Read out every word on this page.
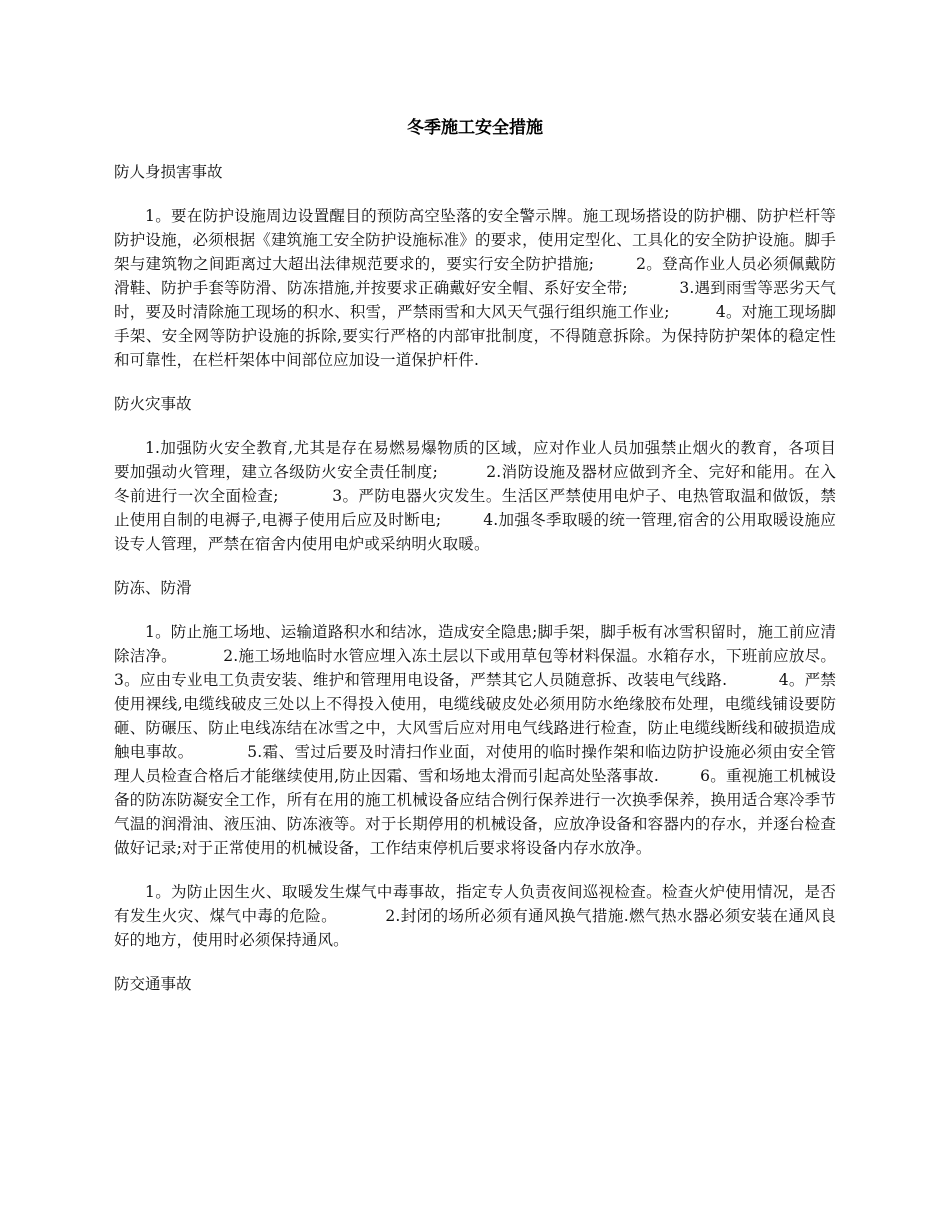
冬季施工安全措施

防人身损害事故

1。要在防护设施周边设置醒目的预防高空坠落的安全警示牌。施工现场搭设的防护棚、防护栏杆等防护设施，必须根据《建筑施工安全防护设施标准》的要求，使用定型化、工具化的安全防护设施。脚手架与建筑物之间距离过大超出法律规范要求的，要实行安全防护措施;        2。登高作业人员必须佩戴防滑鞋、防护手套等防滑、防冻措施,并按要求正确戴好安全帽、系好安全带;          3.遇到雨雪等恶劣天气时，要及时清除施工现场的积水、积雪，严禁雨雪和大风天气强行组织施工作业;         4。对施工现场脚手架、安全网等防护设施的拆除,要实行严格的内部审批制度，不得随意拆除。为保持防护架体的稳定性和可靠性，在栏杆架体中间部位应加设一道保护杆件.

防火灾事故

1.加强防火安全教育,尤其是存在易燃易爆物质的区域，应对作业人员加强禁止烟火的教育，各项目要加强动火管理，建立各级防火安全责任制度;         2.消防设施及器材应做到齐全、完好和能用。在入冬前进行一次全面检查;          3。严防电器火灾发生。生活区严禁使用电炉子、电热管取温和做饭，禁止使用自制的电褥子,电褥子使用后应及时断电;        4.加强冬季取暖的统一管理,宿舍的公用取暖设施应设专人管理，严禁在宿舍内使用电炉或采纳明火取暖。

防冻、防滑

1。防止施工场地、运输道路积水和结冰，造成安全隐患;脚手架，脚手板有冰雪积留时，施工前应清除洁净。         2.施工场地临时水管应埋入冻土层以下或用草包等材料保温。水箱存水，下班前应放尽。          3。应由专业电工负责安装、维护和管理用电设备，严禁其它人员随意拆、改装电气线路.          4。严禁使用裸线,电缆线破皮三处以上不得投入使用，电缆线破皮处必须用防水绝缘胶布处理，电缆线铺设要防砸、防碾压、防止电线冻结在冰雪之中，大风雪后应对用电气线路进行检查，防止电缆线断线和破损造成触电事故。          5.霜、雪过后要及时清扫作业面，对使用的临时操作架和临边防护设施必须由安全管理人员检查合格后才能继续使用,防止因霜、雪和场地太滑而引起高处坠落事故.        6。重视施工机械设备的防冻防凝安全工作，所有在用的施工机械设备应结合例行保养进行一次换季保养，换用适合寒冷季节气温的润滑油、液压油、防冻液等。对于长期停用的机械设备，应放净设备和容器内的存水，并逐台检查做好记录;对于正常使用的机械设备，工作结束停机后要求将设备内存水放净。

1。为防止因生火、取暖发生煤气中毒事故，指定专人负责夜间巡视检查。检查火炉使用情况，是否有发生火灾、煤气中毒的危险。         2.封闭的场所必须有通风换气措施.燃气热水器必须安装在通风良好的地方，使用时必须保持通风。

防交通事故
